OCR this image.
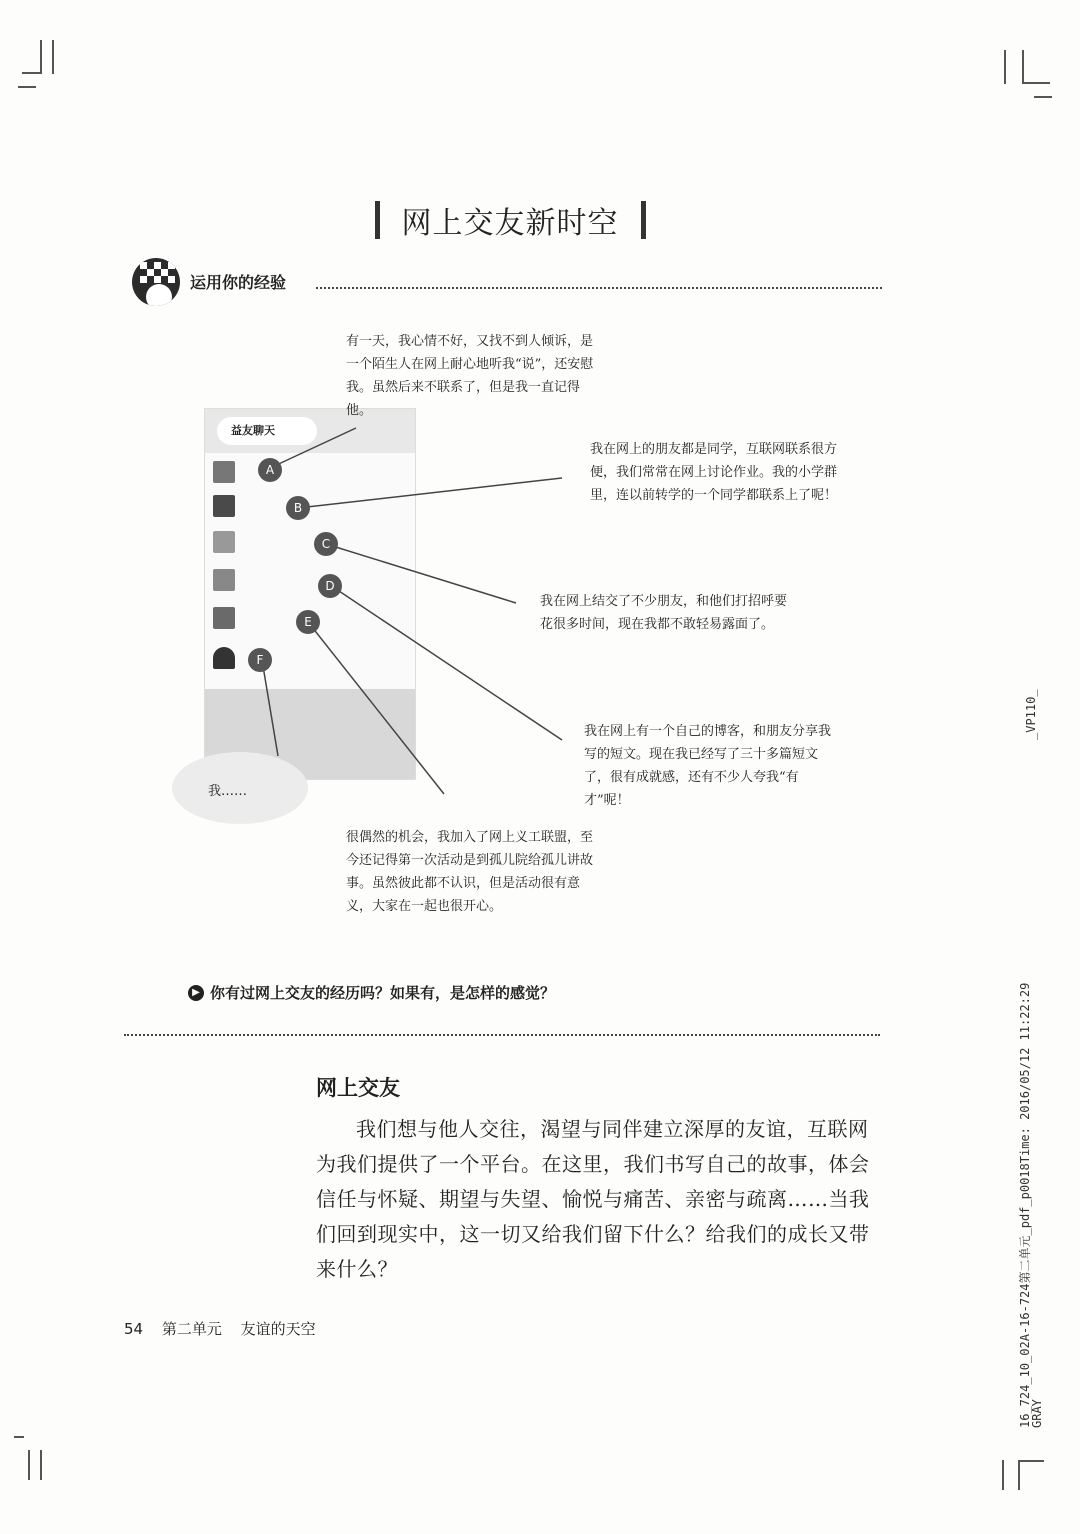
网上交友新时空
运用你的经验
益友聊天
A
B
C
D
E
F
我……
有一天，我心情不好，又找不到人倾诉，是一个陌生人在网上耐心地听我“说”，还安慰我。虽然后来不联系了，但是我一直记得他。
我在网上的朋友都是同学，互联网联系很方便，我们常常在网上讨论作业。我的小学群里，连以前转学的一个同学都联系上了呢！
我在网上结交了不少朋友，和他们打招呼要花很多时间，现在我都不敢轻易露面了。
我在网上有一个自己的博客，和朋友分享我写的短文。现在我已经写了三十多篇短文了，很有成就感，还有不少人夸我“有才”呢！
很偶然的机会，我加入了网上义工联盟，至今还记得第一次活动是到孤儿院给孤儿讲故事。虽然彼此都不认识，但是活动很有意义，大家在一起也很开心。
▶ 你有过网上交友的经历吗？如果有，是怎样的感觉？
网上交友
我们想与他人交往，渴望与同伴建立深厚的友谊，互联网为我们提供了一个平台。在这里，我们书写自己的故事，体会信任与怀疑、期望与失望、愉悦与痛苦、亲密与疏离……当我们回到现实中，这一切又给我们留下什么？给我们的成长又带来什么？
54 第二单元 友谊的天空
_VP110_
16_724_10_02A-16-724第二单元_pdf_p0018Time: 2016/05/12 11:22:29
GRAY
